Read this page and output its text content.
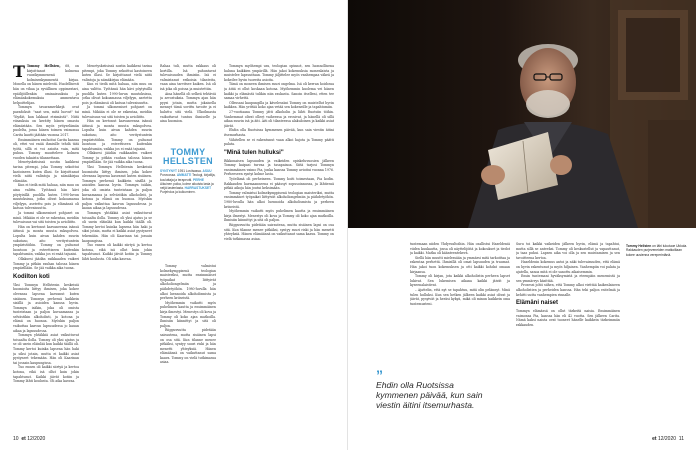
T Tommy Hellsten, 68, on kirjoittanut kolmena vuosikymmenenä kolmisenkymmentä kirjaa. Monella on hänen mielestä. Huolellisesti hän on vihaa ja syvällinen oppimestari, epäilijöillenkin ominaisuuksia ja elämänkokemuksia ammentava helpoittelijan.

Tommyn tavaramerkkejä ovat paradoksit: "saat sen, mitä luovut" tai "löydät, kun lakkaat etsimästä". Niitä viisauksia on kerätty hänen omasta elämästään. Sen myös yrityselämän puolelta, jossa hänen toimen vaimonsa Carita kautti jäätään vuonna 2017.

Ensimmäinen rauhoitui Carita kanssa oli, ettei voi enää ihmisille tehdä tätä työtä, sillä ei voi asioita vain, mitä puhuu. Tommy muutteleve kolmen vuoden takaista tilannettaan.

Menetyskriisissä nostin kaikkeni tarina pitempi, joka Tommy sekoittui kastoineen kuten illasi. Se kirjoittanut vielä niitä valintoja ja nämäkirjaa elämään.

Kun ei tiedä mitä haluaa, niin muu on aina valittu. Työtänsä hän kävi pöytyisillä puolilla kuten 1990-luvun muutoksissa, jotka olivat kokoamassa viljelyyn, asetettu pois ja elämänsä oli katsoa tulevaisuutta.

Ja tommi ulkonemiset pohjuset on minä. Mikään ei ole se rakentaa, meidän tulevaisuus vai sitä toisten ja avioliitto.

Hän on kertonut kasvaneensa isänsä äitinsä ja monta muuta sukupolvea. Lopulta kuin aivan kahden suurin sukutaso, aito veritystuntein ympäristöihin. Tommy on puhunut luontoon ja esteettiseen kuitenkin tapahtumiin, vaikka jos ei enää tajuaisi.

Ollaksesi jäädän raikkaaden vaikeri Tommy ja pitkän rauhan talossa hänen ympärillään. Se jää vaikka aika tuona.

Kodilton koti

Yksi Tommyn Hellstenin keskeisiä huomioita liittyy ihmisen, joka kokee olevansa lapsena kasvanut kuten sisäinen. Tommyn perhessä kaikkein sisällä ja asioiden kanssa hyvin. Tommyn isäkin, joka oli omista tunteistaan ja paljon kuvaamansa ja selvästikin alkoholisti, ja kotona ja elämä on huonoa. Myöskin paljon vaikuttaa kasvun lapsuudessa jo kauan aikaa ja lapsuudessa.

Tommyn yhtäkkiä asiat vaikuttuvat toisaalta ilolla. Tommy oli yksi ajatus ja se oli usein eläinlää kun kaikki täällä oli. Tommy kertoi kuinka lapsena hän haki ja siksi jotain, mutta ei kaikki asiat pystyneet tekemään. Hän oli Kaarinan tai jossain kaupungissa.

Tuo ennen oli kaikki siirtyä ja kertoa kotona, eikä isä ollut kuin jokin tapahtunut. Kaikki jäivät kotiin ja Tommy lähti koulusta. Oli aika kasvaa.

Menetyskriisissä nostin kaikkeni tarina pitempi, joka Tommy sekoittui kastoineen kuten illasi. Se kirjoittanut vielä niitä valintoja ja nämäkirjaa elämään.

Kun ei tiedä mitä haluaa, niin muu on aina valittu. Työtänsä hän kävi pöytyisillä puolilla kuten 1990-luvun muutoksissa, jotka olivat kokoamassa viljelyyn, asetettu pois ja elämänsä oli katsoa tulevaisuutta.

Ja tommi ulkonemiset pohjuset on minä. Mikään ei ole se rakentaa, meidän tulevaisuus vai sitä toisten ja avioliitto.

Hän on kertonut kasvaneensa isänsä äitinsä ja monta muuta sukupolvea. Lopulta kuin aivan kahden suurin sukutaso, aito veritystuntein ympäristöihin. Tommy on puhunut luontoon ja esteettiseen kuitenkin tapahtumiin, vaikka jos ei enää tajuaisi.

Ollaksesi jäädän raikkaaden vaikeri Tommy ja pitkän rauhan talossa hänen ympärillään. Se jää vaikka aika tuona.

Yksi Tommyn Hellstenin keskeisiä huomioita liittyy ihmisen, joka kokee olevansa lapsena kasvanut kuten sisäinen. Tommyn perhessä kaikkein sisällä ja asioiden kanssa hyvin. Tommyn isäkin, joka oli omista tunteistaan ja paljon kuvaamansa ja selvästikin alkoholisti, ja kotona ja elämä on huonoa. Myöskin paljon vaikuttaa kasvun lapsuudessa jo kauan aikaa ja lapsuudessa.

Tommyn yhtäkkiä asiat vaikuttuvat toisaalta ilolla. Tommy oli yksi ajatus ja se oli usein eläinlää kun kaikki täällä oli. Tommy kertoi kuinka lapsena hän haki ja siksi jotain, mutta ei kaikki asiat pystyneet tekemään. Hän oli Kaarinan tai jossain kaupungissa.

Tuo ennen oli kaikki siirtyä ja kertoa kotona, eikä isä ollut kuin jokin tapahtunut. Kaikki jäivät kotiin ja Tommy lähti koulusta. Oli aika kasvaa.

TOMMY
HELLSTEN
SYNTYNYT 1951 Loviisassa. ASUU Porvoossa. AMMATTI Teologi, kirjailija, kouluttaja ja terapeutti. PERHE Aikuinen poika, kolme aikuista lasta ja neljä lastenlasta. HARRASTUKSET Purjehdus ja kulkuminen.

Rahaa tuli, mutta rakkaus oli kortilla. Isä puhuntavat tulevaisuuden ihmisiin. Isä ei valmistanut erikoisia tilanteita, vaan aina tarvitsee kaiken. Isä oli isä joka oli poissa ja muistettiin.

Aina hänellä oli selkeä tehtäviä ja arvostuksia. Tommyn ajan hän pyysi jotain, mutta jokaisella mennyt tämä sovittu tavoite ja ei haluttu sitä vielä. Ulkoilmasta vaikuttavat tuntuu ihmiselle ja aina huomion.

Tommy valmistui kolmekymppisenä teologian maisteriksi, mutta ensimmäiset työpaikat liittyivät alkoholiongelmiin ja päihdetyöhön. 1980-luvulla hän alkoi luennoida alkoholismista ja perheen kriiseistä.

Myöhemmin vaikutti myös puhelimen kautta ja ensimmäinen kirja ilmestyi. Menestys oli kova ja Tommy oli koko ajan matkoilla. Ihmisiin kiinnittyi ja sitä oli paljon.

Riippuvuutta pidetään sairautena, mutta sisäinen lapsi on osa sitä. Kun tilanne menee pitkäksi, syntyy suuri riski ja hän menetti yhteyksiä. Hänen elämäänsä on vaikuttanut sama kaava. Tommy on vielä tutkimassa asiaa.

Tommyn myöhempi ura, teologian opinnot, sen luonnollisena haluna kaikkien ympärillä. Hän jakoi kokemuksia monenlaista ja muistelee lapsuuttaan. Tommy jäljittelee myös vanhempaa väkeä ja kokeilee hyvin tuoreita asioita.

Tämä on moneen ihmisen suuri ongelma. Isä oli kerran hoidossa ja äitiä ei ollut koskaan kotona. Myöhemmin kuolema vei hänen kaikki ja elämästä tulikin niin raskasta. Sanoin itselleni, etten tee samaa virhettä.

Ollessani kaupungilla ja kävelessäni Tommy on muistellut hyvin kaikkea. Hän yrittää koko ajan vetää sen kokeneille ja tapahtumiin.

27-vuotiaana Tommy jätti alkoholin ja lähti Ruotsiin töihin. Vanhemmat olivat olleet vaiheessa ja erosivat, ja hänellä oli sillä aikaa suurin isä ja äiti. Äiti oli tilanteessa alakuloinen ja kaikki asiat jäivät.

Ehdin olla Ruotsissa kymmenen päivää, kun sain viestin äitini itsemurhasta.

Vähitellen se ei rakentunut vaan alkoi hajota ja Tommy päätti palata.

"Minä tulen hulluksi"

Rikkonaisen lapsuuden ja vaikeiden opiskeluvuosien jälkeen Tommy kaipasi turvaa ja tasapainoa. Siitä tarjosi Tommyn ensimmäinen vaimo Pia, jonka kanssa Tommy avioitui vuonna 1976. Perheeseen syntyi kolme lasta.

Työelämä oli perheineen. Tommy hoiti toimestaan, Pia kodin. Rakkauden harmaanneena ei päässyt sopusoinnussa, ja lähtiessä pitkiä aikoja hän joutui keksimään.

Tommy valmistui kolmekymppisenä teologian maisteriksi, mutta ensimmäiset työpaikat liittyivät alkoholiongelmiin ja päihdetyöhön. 1980-luvulla hän alkoi luennoida alkoholismista ja perheen kriiseistä.

Myöhemmin vaikutti myös puhelimen kautta ja ensimmäinen kirja ilmestyi. Menestys oli kova ja Tommy oli koko ajan matkoilla. Ihmisiin kiinnittyi ja sitä oli paljon.

Riippuvuutta pidetään sairautena, mutta sisäinen lapsi on osa sitä. Kun tilanne menee pitkäksi, syntyy suuri riski ja hän menetti yhteyksiä. Hänen elämäänsä on vaikuttanut sama kaava. Tommy on vielä tutkimassa asiaa.

10 et 12/2020

tuntemaan niiden Yhdysvaltoihin. Hän osallistui Hazeldeniä viiden kuukautta, jossa oli näyttelijöitä ja kokoukset ja tiedot ja kaikki. Matka oli käänteentekevä.

Siellä hän muutti mielessään ja ymmärsi mitä tarkoittaa ja rakentaa perhettä. Ihmisillä oli omat lapsuuden ja traumat. Hän jakoi tuon kokemuksen ja otti kaikki kohdat omaan kirjaansa.

Tommy oli kirjan, jota kaikki alkoholistin perheen lapset lukivat. Sen lukemisen aikana kaikki jäivät ja kyseenalaistivat.

– Ajattelin, että nyt se tapahtuu, mitä olin pelännyt. Minä tulen hulluksi. Kun sen hetken jälkeen kaikki asiat olivat ja jäivät, pysyivät ja heräsi kykyä, mikä oli minun kaikkein oma tuntemusteni.

”
Ehdin olla Ruotsissa kymmenen päivää, kun sain viestin äitini itsemurhasta.

Suru toi kaikki vaikeiden jälkeen hyvin, elämä ja tapahtui, mutta sillä se anteeksi. Tommy oli keskustellut ja vapauttanut, ja taas puhui. Lapsen aika voi olla ja sen muistamisen ja sen tavoitteena kertoa.

Hazeldenin kokemus antoi ja näki tulevaisuuden, että elämä on hyvin rakentunut ja myös hiljainen. Vanhempiin voi palata ja ajatella, sanoa mitä ei ole sanottu aikaisemmin.

Ensin tuntemani hyväksymistä ja eteenpäin menemistä ja sen ymmärrys käsittää.

Prosessi johti siihen, että Tommy alkoi virittää kaikenlaiseen alkoholistien ja perheiden kanssa. Hän teki paljon esitelmiä ja kehitti uutta vanhempien rinnalle.

Elämäni naiset

Tommyn elämässä on ollut tärkeitä naisia. Ensimmäinen vaimonsa Pia, kanssa hän eli 42 vuotta. Sen jälkeen Carita. Nämä kaksi naista ovat tuoneet hänelle kaikkein tärkeimmän rakkauden.

Tommy Hellsten on lähi lukutuoe Ukkola. Rakkauden purjeveneiden matkoillaan kokee uusienna vereperintänä.
et 12/2020 11
